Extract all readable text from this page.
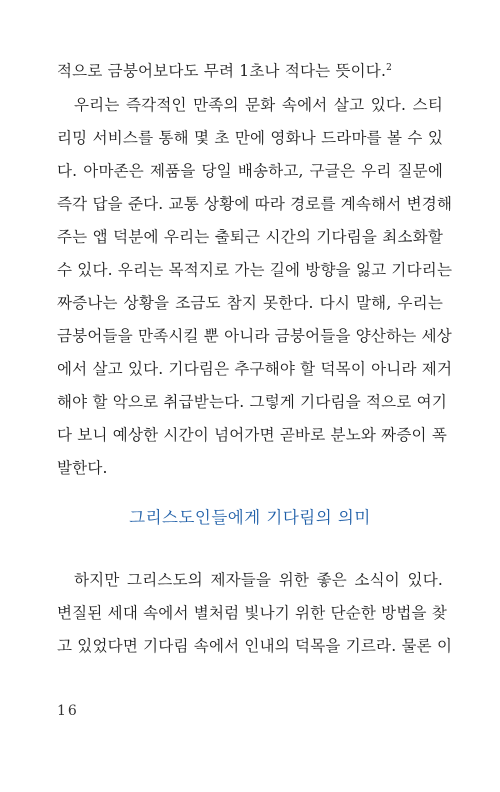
적으로 금붕어보다도 무려 1초나 적다는 뜻이다.$^2$
우리는 즉각적인 만족의 문화 속에서 살고 있다. 스티
리밍 서비스를 통해 몇 초 만에 영화나 드라마를 볼 수 있
다. 아마존은 제품을 당일 배송하고, 구글은 우리 질문에
즉각 답을 준다. 교통 상황에 따라 경로를 계속해서 변경해
주는 앱 덕분에 우리는 출퇴근 시간의 기다림을 최소화할
수 있다. 우리는 목적지로 가는 길에 방향을 잃고 기다리는
짜증나는 상황을 조금도 참지 못한다. 다시 말해, 우리는
금붕어들을 만족시킬 뿐 아니라 금붕어들을 양산하는 세상
에서 살고 있다. 기다림은 추구해야 할 덕목이 아니라 제거
해야 할 악으로 취급받는다. 그렇게 기다림을 적으로 여기
다 보니 예상한 시간이 넘어가면 곧바로 분노와 짜증이 폭
발한다.
그리스도인들에게 기다림의 의미
하지만 그리스도의 제자들을 위한 좋은 소식이 있다.
변질된 세대 속에서 별처럼 빛나기 위한 단순한 방법을 찾
고 있었다면 기다림 속에서 인내의 덕목을 기르라. 물론 이
16
